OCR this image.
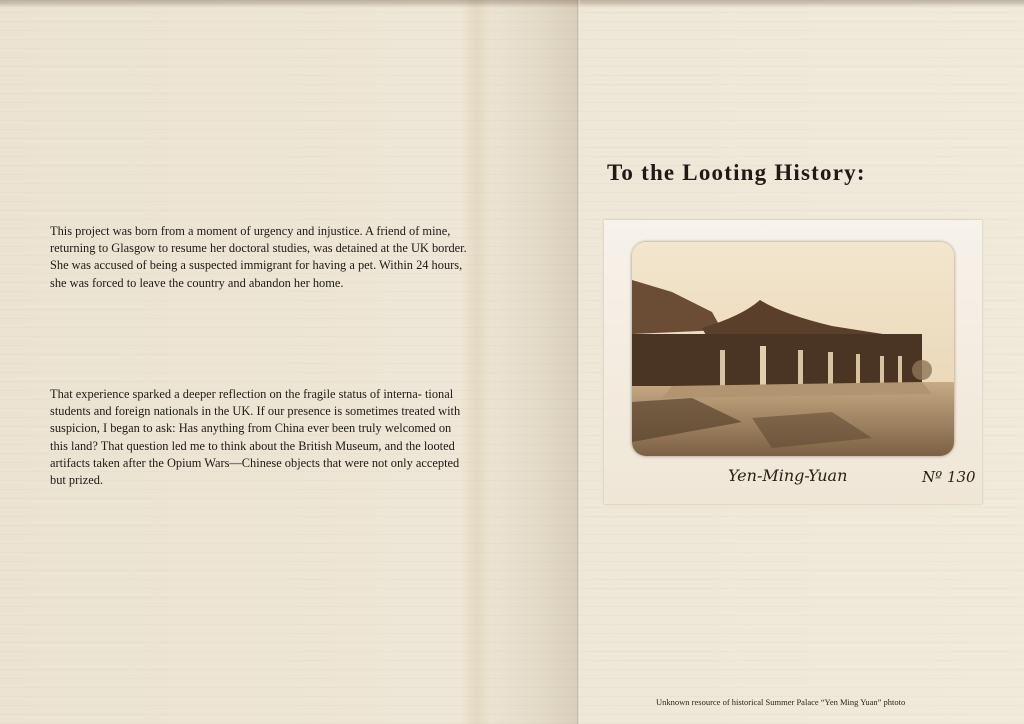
This project was born from a moment of urgency and injustice. A friend of mine, returning to Glasgow to resume her doctoral studies, was detained at the UK border. She was accused of being a suspected immigrant for having a pet. Within 24 hours, she was forced to leave the country and abandon her home.

That experience sparked a deeper reflection on the fragile status of interna- tional students and foreign nationals in the UK. If our presence is sometimes treated with suspicion, I began to ask: Has anything from China ever been truly welcomed on this land? That question led me to think about the British Museum, and the looted artifacts taken after the Opium Wars—Chinese objects that were not only accepted but prized.

To the Looting History:
Yen-Ming-Yuan	Nº 130
Unknown resource of historical Summer Palace “Yen Ming Yuan” phtoto
